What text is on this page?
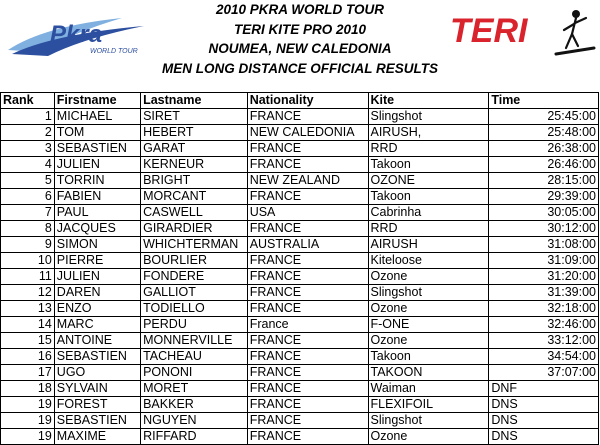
Pkra
WORLD TOUR
2010 PKRA WORLD TOUR
TERI KITE PRO 2010
NOUMEA, NEW CALEDONIA
MEN LONG DISTANCE OFFICIAL RESULTS
TERI
Rank	Firstname	Lastname	Nationality	Kite	Time
1	MICHAEL	SIRET	FRANCE	Slingshot	25:45:00
2	TOM	HEBERT	NEW CALEDONIA	AIRUSH,	25:48:00
3	SEBASTIEN	GARAT	FRANCE	RRD	26:38:00
4	JULIEN	KERNEUR	FRANCE	Takoon	26:46:00
5	TORRIN	BRIGHT	NEW ZEALAND	OZONE	28:15:00
6	FABIEN	MORCANT	FRANCE	Takoon	29:39:00
7	PAUL	CASWELL	USA	Cabrinha	30:05:00
8	JACQUES	GIRARDIER	FRANCE	RRD	30:12:00
9	SIMON	WHICHTERMAN	AUSTRALIA	AIRUSH	31:08:00
10	PIERRE	BOURLIER	FRANCE	Kiteloose	31:09:00
11	JULIEN	FONDERE	FRANCE	Ozone	31:20:00
12	DAREN	GALLIOT	FRANCE	Slingshot	31:39:00
13	ENZO	TODIELLO	FRANCE	Ozone	32:18:00
14	MARC	PERDU	France	F-ONE	32:46:00
15	ANTOINE	MONNERVILLE	FRANCE	Ozone	33:12:00
16	SEBASTIEN	TACHEAU	FRANCE	Takoon	34:54:00
17	UGO	PONONI	FRANCE	TAKOON	37:07:00
18	SYLVAIN	MORET	FRANCE	Waiman	DNF
19	FOREST	BAKKER	FRANCE	FLEXIFOIL	DNS
19	SEBASTIEN	NGUYEN	FRANCE	Slingshot	DNS
19	MAXIME	RIFFARD	FRANCE	Ozone	DNS
